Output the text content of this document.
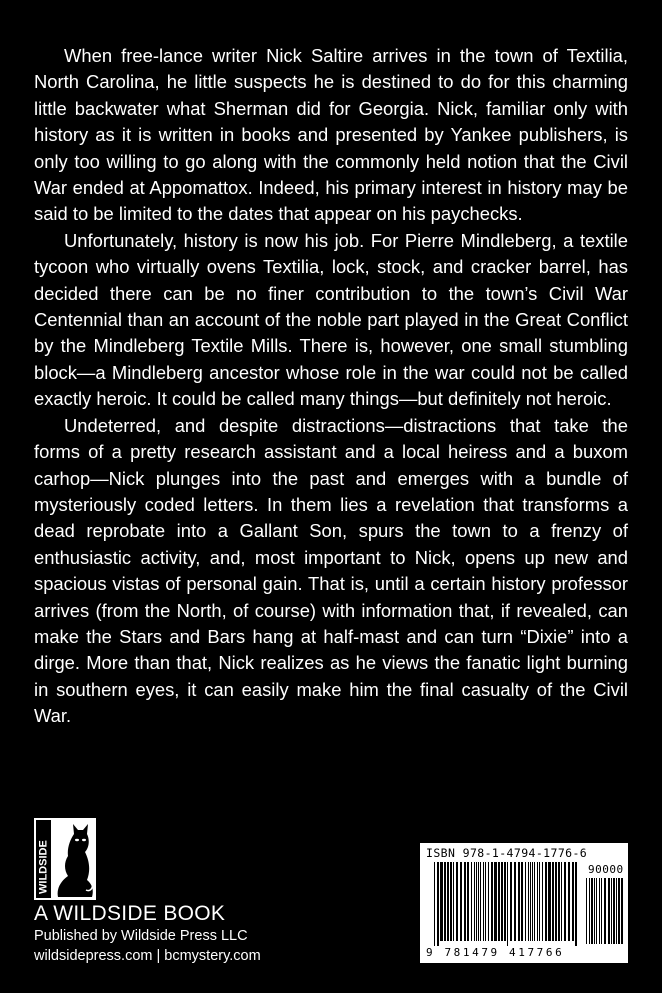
When free-lance writer Nick Saltire arrives in the town of Textilia, North Carolina, he little suspects he is destined to do for this charming little backwater what Sherman did for Georgia. Nick, familiar only with history as it is written in books and presented by Yankee publishers, is only too willing to go along with the commonly held notion that the Civil War ended at Appomattox. Indeed, his primary interest in history may be said to be limited to the dates that appear on his paychecks.

Unfortunately, history is now his job. For Pierre Mindleberg, a textile tycoon who virtually ovens Textilia, lock, stock, and cracker barrel, has decided there can be no finer contribution to the town’s Civil War Centennial than an account of the noble part played in the Great Conflict by the Mindleberg Textile Mills. There is, however, one small stumbling block—a Mindleberg ancestor whose role in the war could not be called exactly heroic. It could be called many things—but definitely not heroic.

Undeterred, and despite distractions—distractions that take the forms of a pretty research assistant and a local heiress and a buxom carhop—Nick plunges into the past and emerges with a bundle of mysteriously coded letters. In them lies a revelation that transforms a dead reprobate into a Gallant Son, spurs the town to a frenzy of enthusiastic activity, and, most important to Nick, opens up new and spacious vistas of personal gain. That is, until a certain history professor arrives (from the North, of course) with information that, if revealed, can make the Stars and Bars hang at half-mast and can turn “Dixie” into a dirge. More than that, Nick realizes as he views the fanatic light burning in southern eyes, it can easily make him the final casualty of the Civil War.

WILDSIDE
A WILDSIDE BOOK
Published by Wildside Press LLC
wildsidepress.com | bcmystery.com
ISBN 978-1-4794-1776-6
90000
9 781479 417766
